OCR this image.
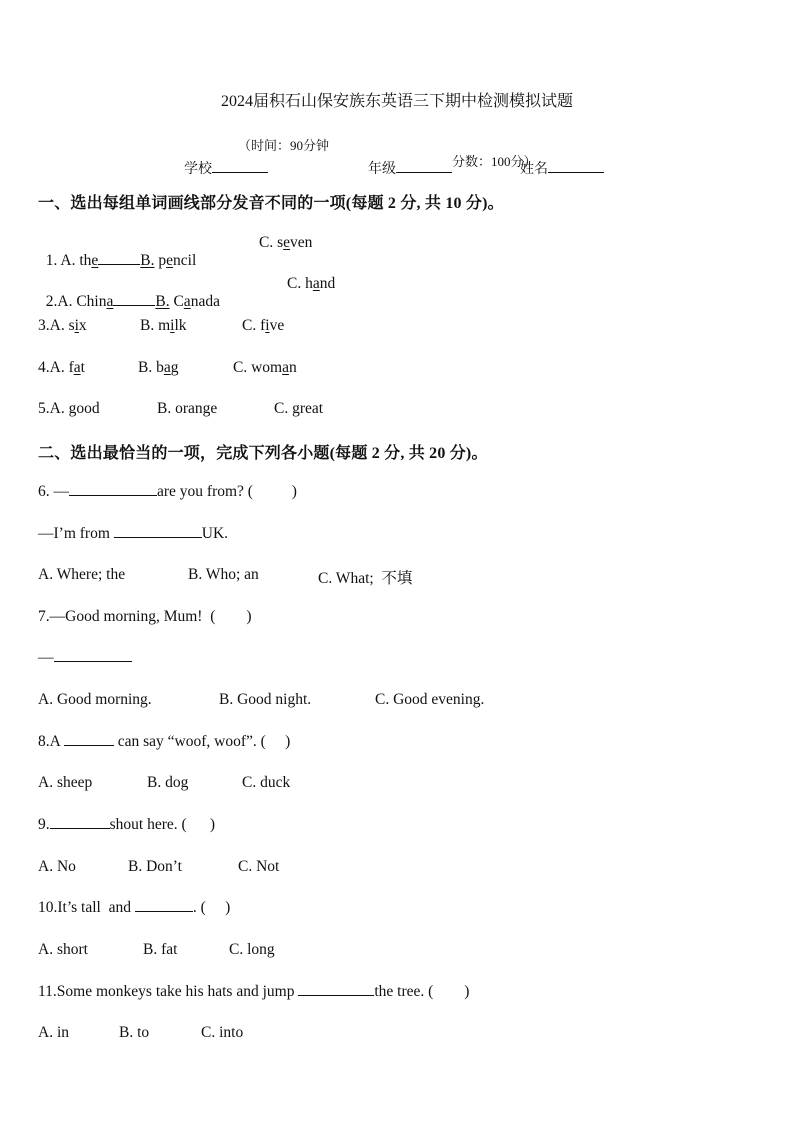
2024届积石山保安族东英语三下期中检测模拟试题

（时间：90分钟

分数：100分）

学校	年级	姓名
一、选出每组单词画线部分发音不同的一项(每题 2 分, 共 10 分)。

1. A. the	B. pencil

C. seven

2.A. China	B. Canada

C. hand
3.A. six	B. milk	C. five
4.A. fat	B. bag	C. woman
5.A. good	B. orange	C. great
二、选出最恰当的一项，完成下列各小题(每题 2 分, 共 20 分)。
6. —	are you from? (          )
—I’m from	UK.
A. Where; the	B. Who; an	C. What;  不填
7.—Good morning, Mum!  (        )
—
A. Good morning.	B. Good night.	C. Good evening.
8.A	can say “woof, woof”. (     )
A. sheep	B. dog	C. duck
9.	shout here. (      )
A. No	B. Don’t	C. Not
10.It’s tall  and	. (     )
A. short	B. fat	C. long
11.Some monkeys take his hats and jump	the tree. (        )
A. in	B. to	C. into
